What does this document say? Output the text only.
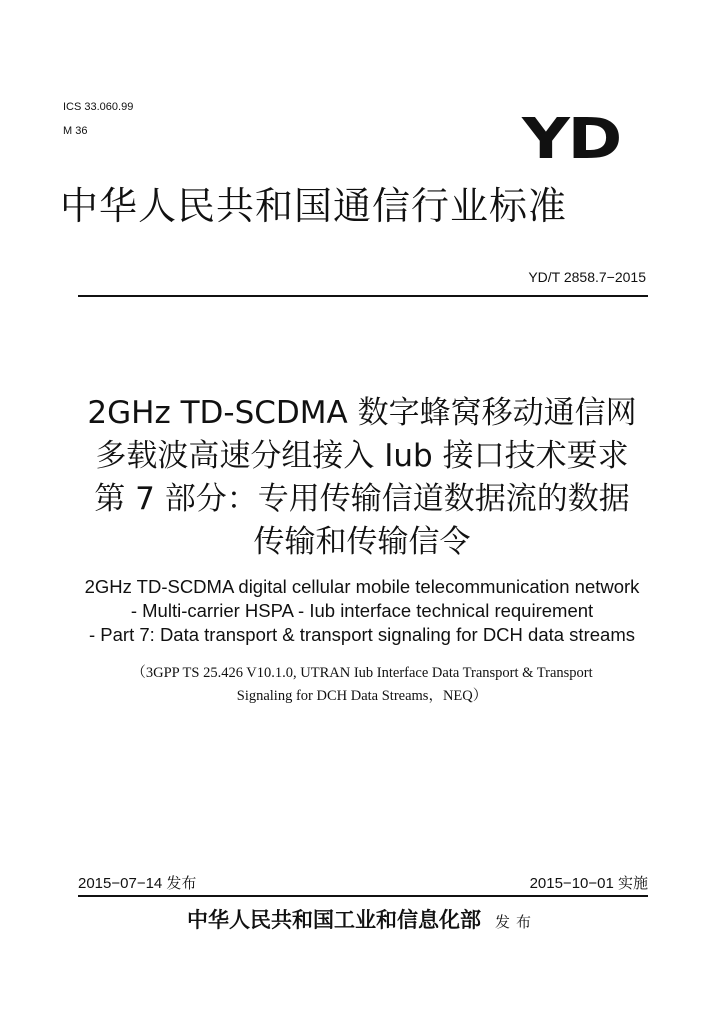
ICS 33.060.99
M 36	YD
中华人民共和国通信行业标准
YD/T 2858.7−2015
2GHz TD-SCDMA 数字蜂窝移动通信网
多载波高速分组接入 Iub 接口技术要求
第 7 部分：专用传输信道数据流的数据
传输和传输信令
2GHz TD-SCDMA digital cellular mobile telecommunication network
- Multi-carrier HSPA - Iub interface technical requirement
- Part 7: Data transport & transport signaling for DCH data streams
（3GPP TS 25.426 V10.1.0, UTRAN Iub Interface Data Transport & Transport
Signaling for DCH Data Streams，NEQ）
2015−07−14 发布	2015−10−01 实施
中华人民共和国工业和信息化部 发布
